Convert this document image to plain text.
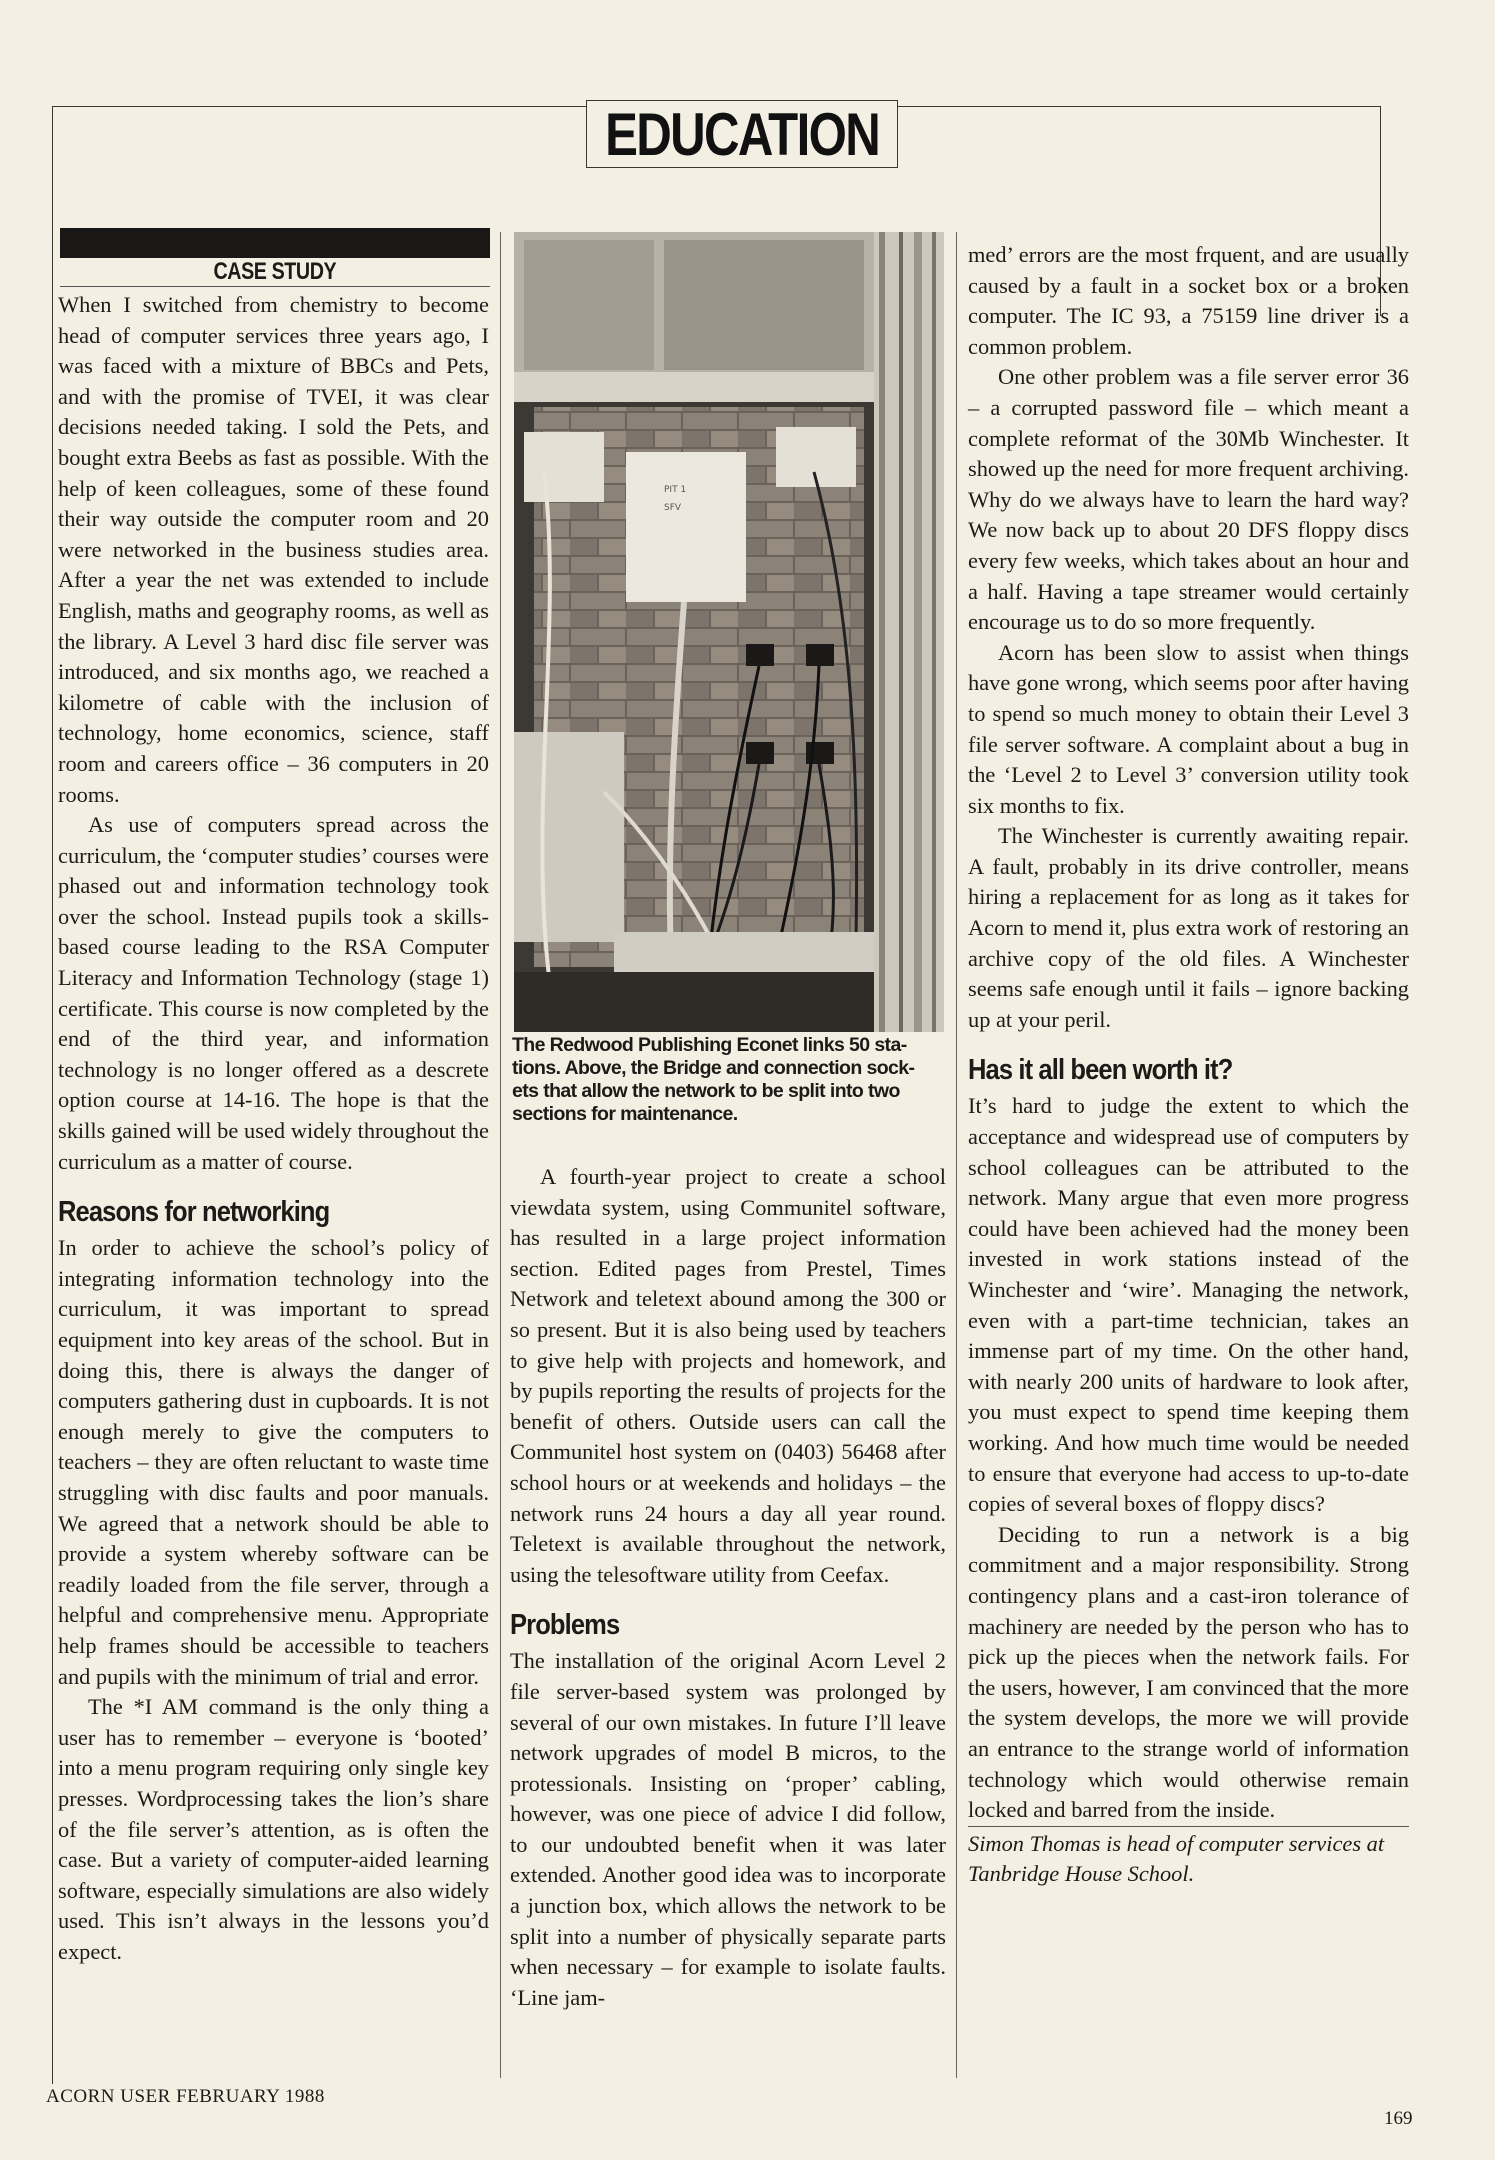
EDUCATION
CASE STUDY

When I switched from chemistry to become head of computer services three years ago, I was faced with a mixture of BBCs and Pets, and with the promise of TVEI, it was clear decisions needed taking. I sold the Pets, and bought extra Beebs as fast as possible. With the help of keen colleagues, some of these found their way outside the computer room and 20 were networked in the business studies area. After a year the net was extended to include English, maths and geography rooms, as well as the library. A Level 3 hard disc file server was introduced, and six months ago, we reached a kilometre of cable with the inclusion of technology, home economics, science, staff room and careers office – 36 computers in 20 rooms.

As use of computers spread across the curriculum, the ‘computer studies’ courses were phased out and information technology took over the school. Instead pupils took a skills-based course leading to the RSA Computer Literacy and Information Technology (stage 1) certificate. This course is now completed by the end of the third year, and information technology is no longer offered as a descrete option course at 14-16. The hope is that the skills gained will be used widely throughout the curriculum as a matter of course.

Reasons for networking

In order to achieve the school’s policy of integrating information technology into the curriculum, it was important to spread equipment into key areas of the school. But in doing this, there is always the danger of computers gathering dust in cupboards. It is not enough merely to give the computers to teachers – they are often reluctant to waste time struggling with disc faults and poor manuals. We agreed that a network should be able to provide a system whereby software can be readily loaded from the file server, through a helpful and comprehensive menu. Appropriate help frames should be accessible to teachers and pupils with the minimum of trial and error.

The *I AM command is the only thing a user has to remember – everyone is ‘booted’ into a menu program requiring only single key presses. Wordprocessing takes the lion’s share of the file server’s attention, as is often the case. But a variety of computer-aided learning software, especially simulations are also widely used. This isn’t always in the lessons you’d expect.

PIT 1
SFV
The Redwood Publishing Econet links 50 sta-
tions. Above, the Bridge and connection sock-
ets that allow the network to be split into two
sections for maintenance.

A fourth-year project to create a school viewdata system, using Communitel software, has resulted in a large project information section. Edited pages from Prestel, Times Network and teletext abound among the 300 or so present. But it is also being used by teachers to give help with projects and homework, and by pupils reporting the results of projects for the benefit of others. Outside users can call the Communitel host system on (0403) 56468 after school hours or at weekends and holidays – the network runs 24 hours a day all year round. Teletext is available throughout the network, using the telesoftware utility from Ceefax.

Problems

The installation of the original Acorn Level 2 file server-based system was prolonged by several of our own mistakes. In future I’ll leave network upgrades of model B micros, to the protessionals. Insisting on ‘proper’ cabling, however, was one piece of advice I did follow, to our undoubted benefit when it was later extended. Another good idea was to incorporate a junction box, which allows the network to be split into a number of physically separate parts when necessary – for example to isolate faults. ‘Line jam-

med’ errors are the most frquent, and are usually caused by a fault in a socket box or a broken computer. The IC 93, a 75159 line driver is a common problem.

One other problem was a file server error 36 – a corrupted password file – which meant a complete reformat of the 30Mb Winchester. It showed up the need for more frequent archiving. Why do we always have to learn the hard way? We now back up to about 20 DFS floppy discs every few weeks, which takes about an hour and a half. Having a tape streamer would certainly encourage us to do so more frequently.

Acorn has been slow to assist when things have gone wrong, which seems poor after having to spend so much money to obtain their Level 3 file server software. A complaint about a bug in the ‘Level 2 to Level 3’ conversion utility took six months to fix.

The Winchester is currently awaiting repair. A fault, probably in its drive controller, means hiring a replacement for as long as it takes for Acorn to mend it, plus extra work of restoring an archive copy of the old files. A Winchester seems safe enough until it fails – ignore backing up at your peril.

Has it all been worth it?

It’s hard to judge the extent to which the acceptance and widespread use of computers by school colleagues can be attributed to the network. Many argue that even more progress could have been achieved had the money been invested in work stations instead of the Winchester and ‘wire’. Managing the network, even with a part-time technician, takes an immense part of my time. On the other hand, with nearly 200 units of hardware to look after, you must expect to spend time keeping them working. And how much time would be needed to ensure that everyone had access to up-to-date copies of several boxes of floppy discs?

Deciding to run a network is a big commitment and a major responsibility. Strong contingency plans and a cast-iron tolerance of machinery are needed by the person who has to pick up the pieces when the network fails. For the users, however, I am convinced that the more the system develops, the more we will provide an entrance to the strange world of information technology which would otherwise remain locked and barred from the inside.

Simon Thomas is head of computer services at Tanbridge House School.

ACORN USER FEBRUARY 1988
169
